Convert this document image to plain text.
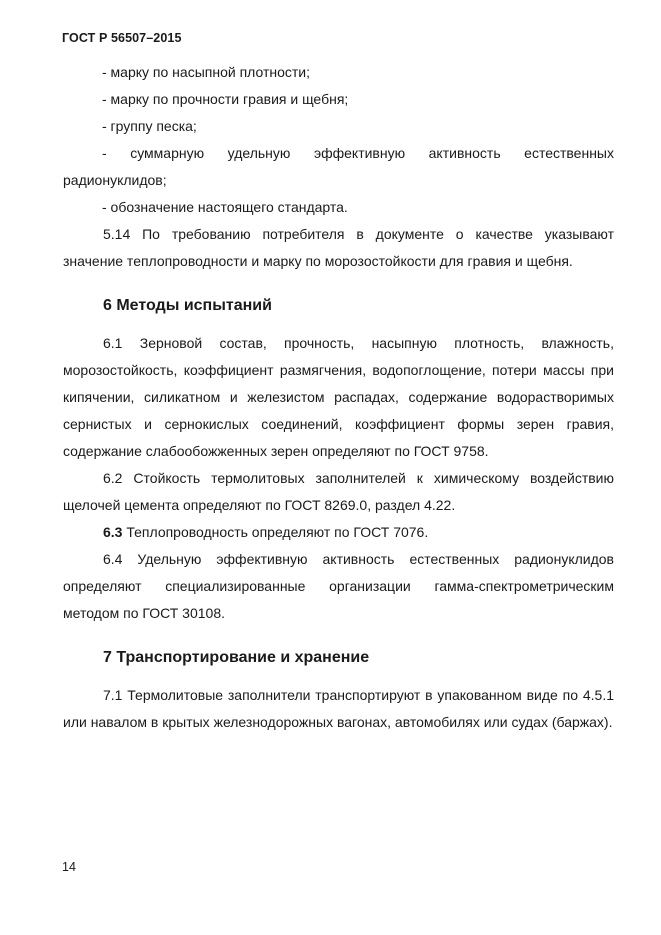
ГОСТ Р 56507–2015

- марку по насыпной плотности;

- марку по прочности гравия и щебня;

- группу песка;

- суммарную удельную эффективную активность естественных радионуклидов;

- обозначение настоящего стандарта.

5.14 По требованию потребителя в документе о качестве указывают значение теплопроводности и марку по морозостойкости для гравия и щебня.

6 Методы испытаний

6.1 Зерновой состав, прочность, насыпную плотность, влажность, морозостойкость, коэффициент размягчения, водопоглощение, потери массы при кипячении, силикатном и железистом распадах, содержание водорастворимых сернистых и сернокислых соединений, коэффициент формы зерен гравия, содержание слабообожженных зерен определяют по ГОСТ 9758.

6.2 Стойкость термолитовых заполнителей к химическому воздействию щелочей цемента определяют по ГОСТ 8269.0, раздел 4.22.

6.3 Теплопроводность определяют по ГОСТ 7076.

6.4 Удельную эффективную активность естественных радионуклидов определяют специализированные организации гамма-спектрометрическим методом по ГОСТ 30108.

7 Транспортирование и хранение

7.1 Термолитовые заполнители транспортируют в упакованном виде по 4.5.1 или навалом в крытых железнодорожных вагонах, автомобилях или судах (баржах).

14
